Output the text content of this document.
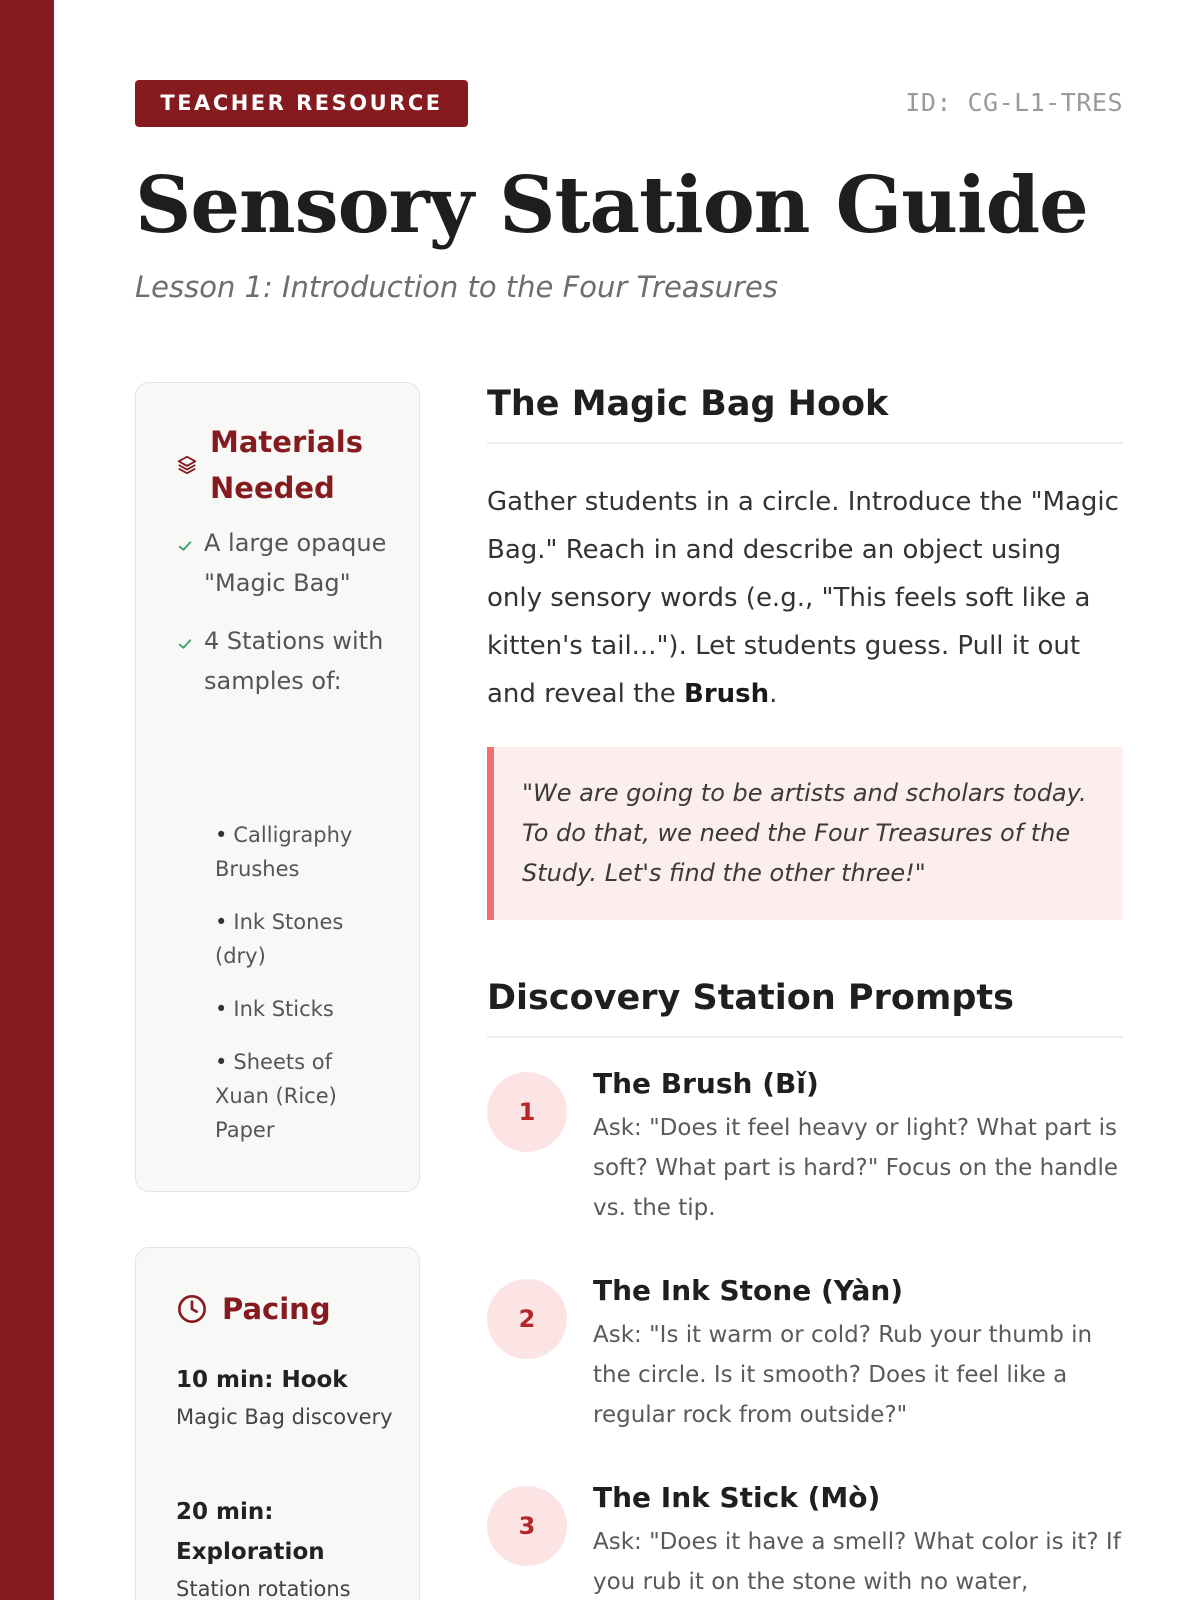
TEACHER RESOURCE	ID: CG-L1-TRES
Sensory Station Guide
Lesson 1: Introduction to the Four Treasures
Materials Needed
A large opaque "Magic Bag"
4 Stations with samples of:
• Calligraphy Brushes
• Ink Stones (dry)
• Ink Sticks
• Sheets of Xuan (Rice) Paper
Pacing
10 min: Hook
Magic Bag discovery
20 min: Exploration
Station rotations
The Magic Bag Hook

Gather students in a circle. Introduce the "Magic Bag." Reach in and describe an object using only sensory words (e.g., "This feels soft like a kitten's tail..."). Let students guess. Pull it out and reveal the Brush.

"We are going to be artists and scholars today. To do that, we need the Four Treasures of the Study. Let's find the other three!"
Discovery Station Prompts
1
The Brush (Bǐ)
Ask: "Does it feel heavy or light? What part is soft? What part is hard?" Focus on the handle vs. the tip.
2
The Ink Stone (Yàn)
Ask: "Is it warm or cold? Rub your thumb in the circle. Is it smooth? Does it feel like a regular rock from outside?"
3
The Ink Stick (Mò)
Ask: "Does it have a smell? What color is it? If you rub it on the stone with no water,
